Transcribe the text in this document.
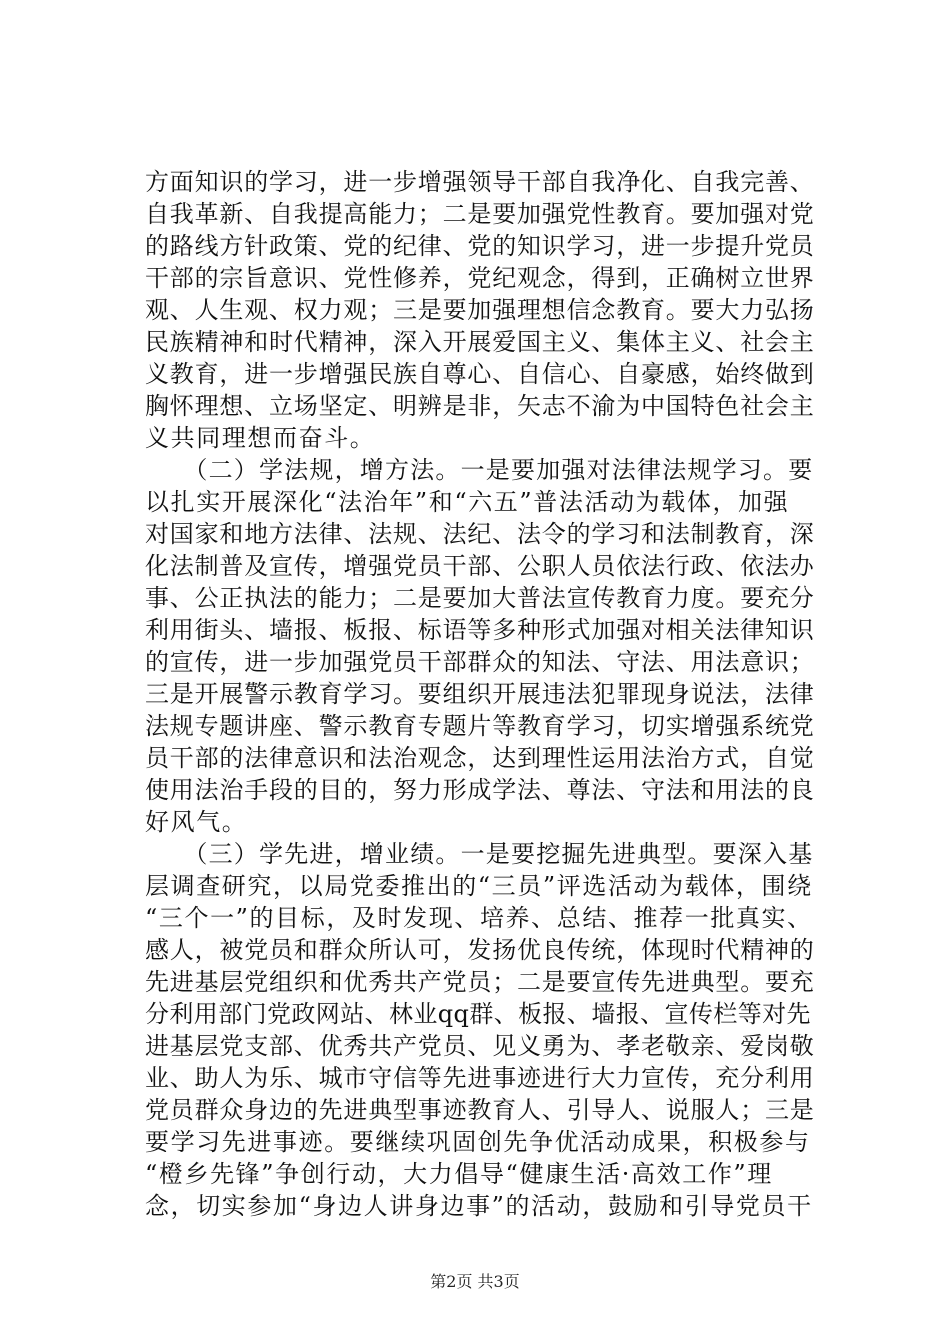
方面知识的学习，进一步增强领导干部自我净化、自我完善、
自我革新、自我提高能力；二是要加强党性教育。要加强对党
的路线方针政策、党的纪律、党的知识学习，进一步提升党员
干部的宗旨意识、党性修养，党纪观念，得到，正确树立世界
观、人生观、权力观；三是要加强理想信念教育。要大力弘扬
民族精神和时代精神，深入开展爱国主义、集体主义、社会主
义教育，进一步增强民族自尊心、自信心、自豪感，始终做到
胸怀理想、立场坚定、明辨是非，矢志不渝为中国特色社会主
义共同理想而奋斗。
　　（二）学法规，增方法。一是要加强对法律法规学习。要
以扎实开展深化“法治年”和“六五”普法活动为载体，加强
对国家和地方法律、法规、法纪、法令的学习和法制教育，深
化法制普及宣传，增强党员干部、公职人员依法行政、依法办
事、公正执法的能力；二是要加大普法宣传教育力度。要充分
利用街头、墙报、板报、标语等多种形式加强对相关法律知识
的宣传，进一步加强党员干部群众的知法、守法、用法意识；
三是开展警示教育学习。要组织开展违法犯罪现身说法，法律
法规专题讲座、警示教育专题片等教育学习，切实增强系统党
员干部的法律意识和法治观念，达到理性运用法治方式，自觉
使用法治手段的目的，努力形成学法、尊法、守法和用法的良
好风气。
　　（三）学先进，增业绩。一是要挖掘先进典型。要深入基
层调查研究，以局党委推出的“三员”评选活动为载体，围绕
“三个一”的目标，及时发现、培养、总结、推荐一批真实、
感人，被党员和群众所认可，发扬优良传统，体现时代精神的
先进基层党组织和优秀共产党员；二是要宣传先进典型。要充
分利用部门党政网站、林业qq群、板报、墙报、宣传栏等对先
进基层党支部、优秀共产党员、见义勇为、孝老敬亲、爱岗敬
业、助人为乐、城市守信等先进事迹进行大力宣传，充分利用
党员群众身边的先进典型事迹教育人、引导人、说服人；三是
要学习先进事迹。要继续巩固创先争优活动成果，积极参与
“橙乡先锋”争创行动，大力倡导“健康生活·高效工作”理
念，切实参加“身边人讲身边事”的活动，鼓励和引导党员干
第2页 共3页
